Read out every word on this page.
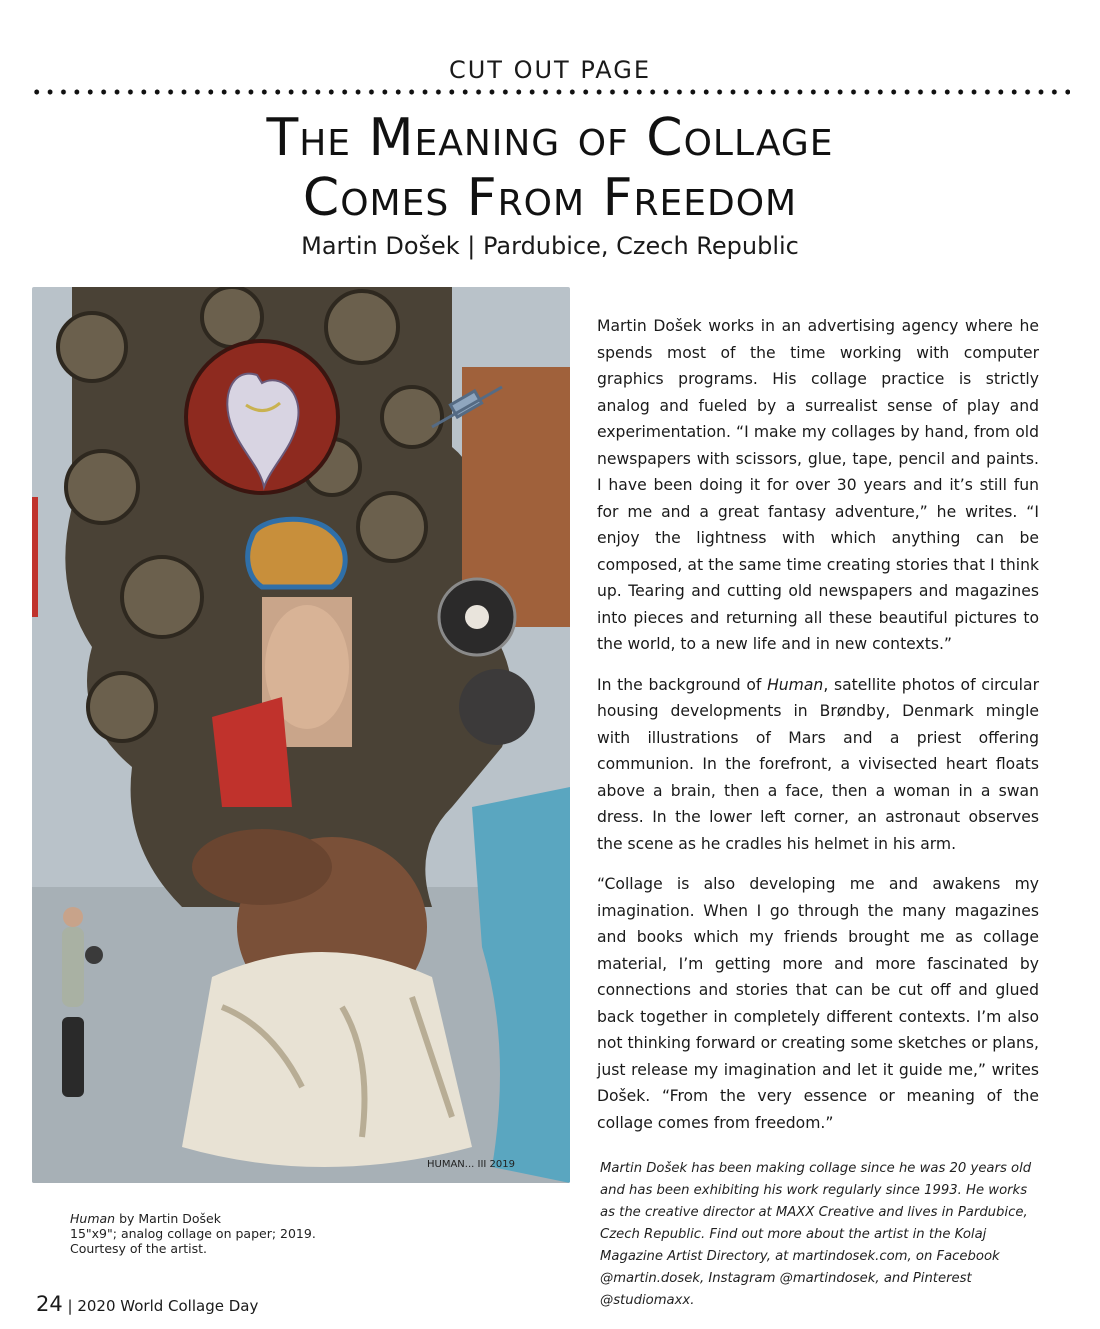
CUT OUT PAGE
The Meaning of Collage
Comes From Freedom
Martin Došek | Pardubice, Czech Republic
HUMAN... III 2019
Human by Martin Došek
15"x9"; analog collage on paper; 2019.
Courtesy of the artist.

Martin Došek works in an advertising agency where he spends most of the time working with computer graphics programs. His collage practice is strictly analog and fueled by a surrealist sense of play and experimentation. “I make my collages by hand, from old newspapers with scissors, glue, tape, pencil and paints. I have been doing it for over 30 years and it’s still fun for me and a great fantasy adventure,” he writes. “I enjoy the lightness with which anything can be composed, at the same time creating stories that I think up. Tearing and cutting old newspapers and magazines into pieces and returning all these beautiful pictures to the world, to a new life and in new contexts.”

In the background of Human, satellite photos of circular housing developments in Brøndby, Denmark mingle with illustrations of Mars and a priest offering communion. In the forefront, a vivisected heart floats above a brain, then a face, then a woman in a swan dress. In the lower left corner, an astronaut observes the scene as he cradles his helmet in his arm.

“Collage is also developing me and awakens my imagination. When I go through the many magazines and books which my friends brought me as collage material, I’m getting more and more fascinated by connections and stories that can be cut off and glued back together in completely different contexts. I’m also not thinking forward or creating some sketches or plans, just release my imagination and let it guide me,” writes Došek. “From the very essence or meaning of the collage comes from freedom.”

Martin Došek has been making collage since he was 20 years old and has been exhibiting his work regularly since 1993. He works as the creative director at MAXX Creative and lives in Pardubice, Czech Republic. Find out more about the artist in the Kolaj Magazine Artist Directory, at martindosek.com, on Facebook @martin.dosek, Instagram @martindosek, and Pinterest @studiomaxx.
24 | 2020 World Collage Day
